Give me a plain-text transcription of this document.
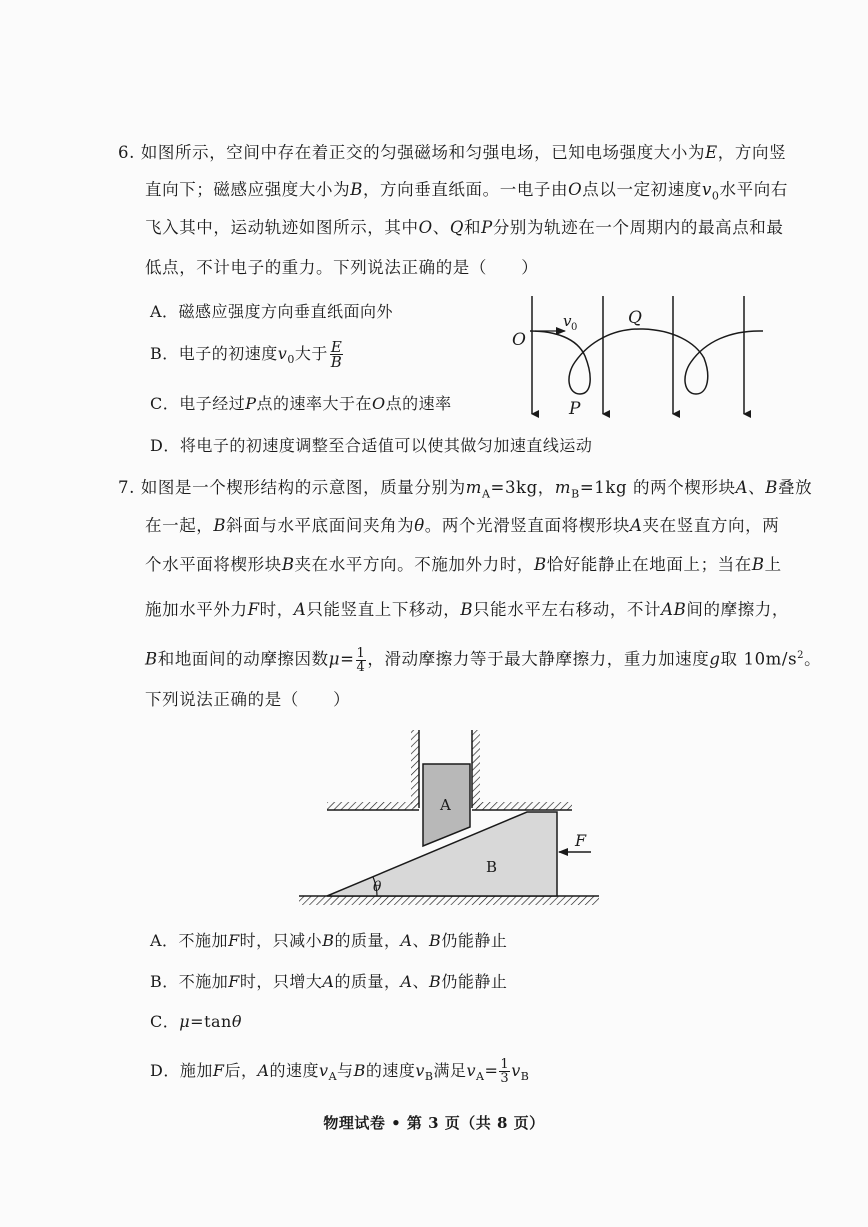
6. 如图所示，空间中存在着正交的匀强磁场和匀强电场，已知电场强度大小为E，方向竖
直向下；磁感应强度大小为B，方向垂直纸面。一电子由O点以一定初速度$v_0$水平向右
飞入其中，运动轨迹如图所示，其中O、Q和P分别为轨迹在一个周期内的最高点和最
低点，不计电子的重力。下列说法正确的是（　　）
A．磁感应强度方向垂直纸面向外
B．电子的初速度$v_0$大于 $\frac{E}{B}$
C．电子经过P点的速率大于在O点的速率
D．将电子的初速度调整至合适值可以使其做匀加速直线运动
O
v 0	Q
P
7. 如图是一个楔形结构的示意图，质量分别为$m_A=3kg$，$m_B=1kg$ 的两个楔形块A、B叠放
在一起，B斜面与水平底面间夹角为θ。两个光滑竖直面将楔形块A夹在竖直方向，两
个水平面将楔形块B夹在水平方向。不施加外力时，B恰好能静止在地面上；当在B上
施加水平外力F时，A只能竖直上下移动，B只能水平左右移动，不计AB间的摩擦力，
B和地面间的动摩擦因数$\mu= \frac{1}{4}$ ，滑动摩擦力等于最大静摩擦力，重力加速度g取 $10m/s^2$。
下列说法正确的是（　　）
θ
A
B
F
A．不施加F时，只减小B的质量，A、B仍能静止
B．不施加F时，只增大A的质量，A、B仍能静止
C．μ=tanθ
D．施加F后，A的速度$v_A$与B的速度$v_B$满足$v_A= \frac{1}{3} v_B$
物理试卷 • 第 3 页（共 8 页）
